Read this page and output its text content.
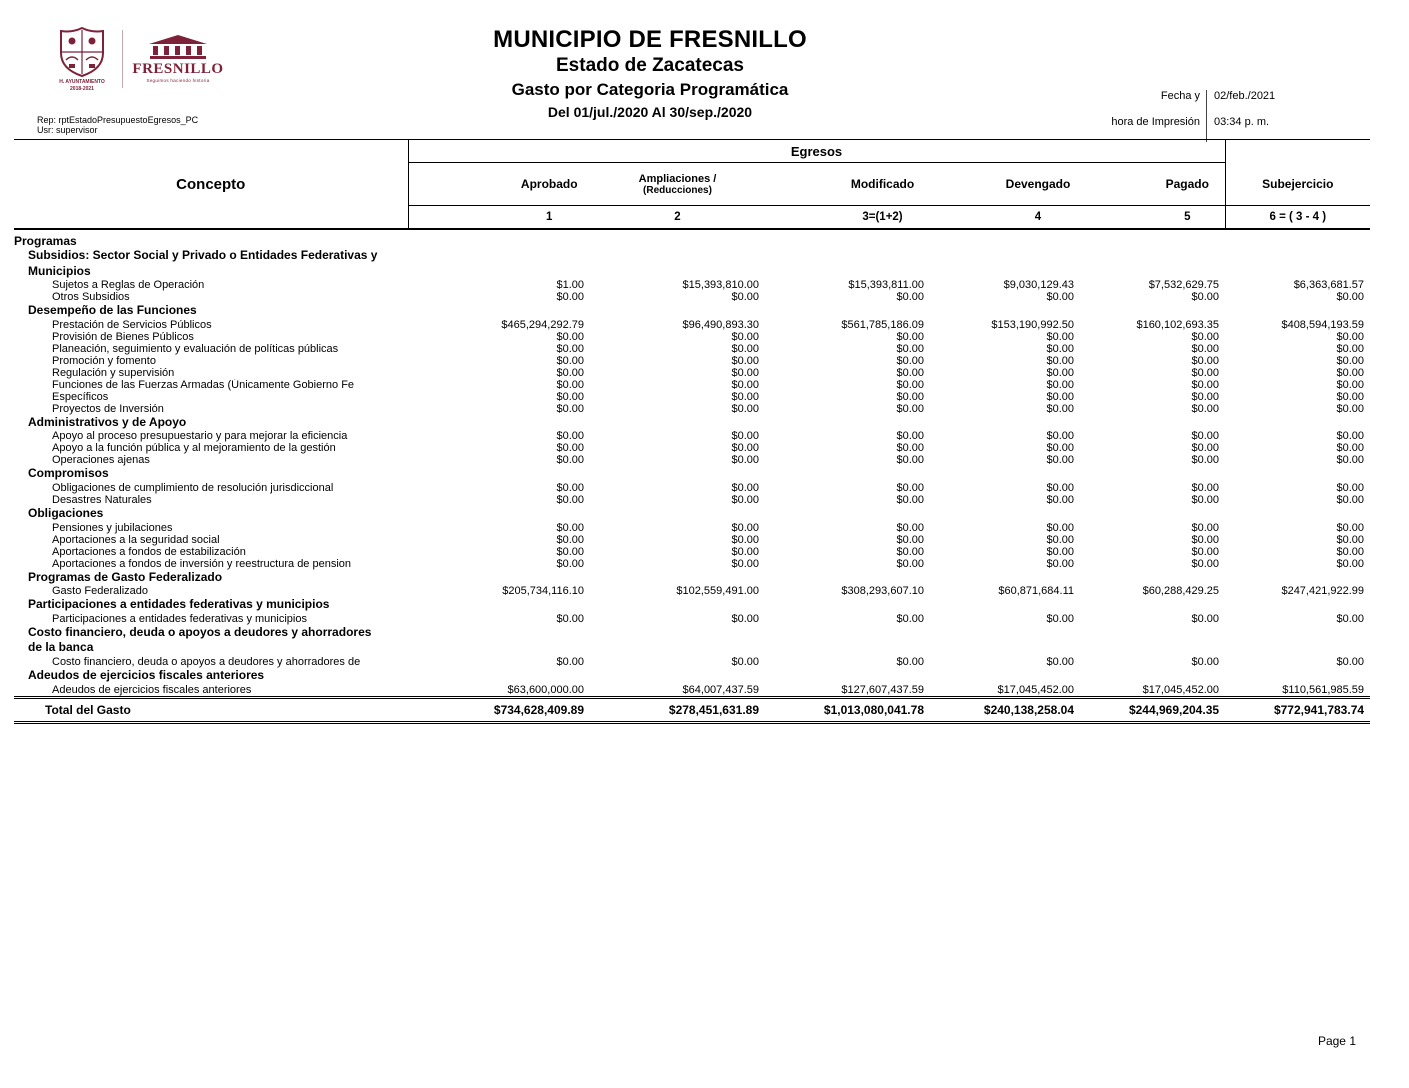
H. AYUNTAMIENTO
2018-2021
FRESNILLO
Seguimos haciendo historia
MUNICIPIO DE FRESNILLO
Estado de Zacatecas
Gasto por Categoria Programática
Del 01/jul./2020 Al 30/sep./2020
Fecha y
hora de Impresión
02/feb./2021
03:34 p. m.
Rep: rptEstadoPresupuestoEgresos_PC
Usr: supervisor
Concepto	Egresos					
	Aprobado	Ampliaciones /
(Reducciones)	Modificado	Devengado	Pagado	Subejercicio
	1	2	3=(1+2)	4	5	6 = ( 3 - 4 )

Programas						

Subsidios: Sector Social y Privado o Entidades Federativas y Municipios						

Sujetos a Reglas de Operación	$1.00	$15,393,810.00	$15,393,811.00	$9,030,129.43	$7,532,629.75	$6,363,681.57
Otros Subsidios	$0.00	$0.00	$0.00	$0.00	$0.00	$0.00

Desempeño de las Funciones						

Prestación de Servicios Públicos	$465,294,292.79	$96,490,893.30	$561,785,186.09	$153,190,992.50	$160,102,693.35	$408,594,193.59
Provisión de Bienes Públicos	$0.00	$0.00	$0.00	$0.00	$0.00	$0.00
Planeación, seguimiento y evaluación de políticas públicas	$0.00	$0.00	$0.00	$0.00	$0.00	$0.00
Promoción y fomento	$0.00	$0.00	$0.00	$0.00	$0.00	$0.00
Regulación y supervisión	$0.00	$0.00	$0.00	$0.00	$0.00	$0.00
Funciones de las Fuerzas Armadas (Únicamente Gobierno Fe	$0.00	$0.00	$0.00	$0.00	$0.00	$0.00
Específicos	$0.00	$0.00	$0.00	$0.00	$0.00	$0.00
Proyectos de Inversión	$0.00	$0.00	$0.00	$0.00	$0.00	$0.00

Administrativos y de Apoyo						

Apoyo al proceso presupuestario y para mejorar la eficiencia	$0.00	$0.00	$0.00	$0.00	$0.00	$0.00
Apoyo a la función pública y al mejoramiento de la gestión	$0.00	$0.00	$0.00	$0.00	$0.00	$0.00
Operaciones ajenas	$0.00	$0.00	$0.00	$0.00	$0.00	$0.00

Compromisos						

Obligaciones de cumplimiento de resolución jurisdiccional	$0.00	$0.00	$0.00	$0.00	$0.00	$0.00
Desastres Naturales	$0.00	$0.00	$0.00	$0.00	$0.00	$0.00

Obligaciones						

Pensiones y jubilaciones	$0.00	$0.00	$0.00	$0.00	$0.00	$0.00
Aportaciones a la seguridad social	$0.00	$0.00	$0.00	$0.00	$0.00	$0.00
Aportaciones a fondos de estabilización	$0.00	$0.00	$0.00	$0.00	$0.00	$0.00
Aportaciones a fondos de inversión y reestructura de pension	$0.00	$0.00	$0.00	$0.00	$0.00	$0.00

Programas de Gasto Federalizado						

Gasto Federalizado	$205,734,116.10	$102,559,491.00	$308,293,607.10	$60,871,684.11	$60,288,429.25	$247,421,922.99

Participaciones a entidades federativas y municipios						

Participaciones a entidades federativas y municipios	$0.00	$0.00	$0.00	$0.00	$0.00	$0.00

Costo financiero, deuda o apoyos a deudores y ahorradores de la banca						

Costo financiero, deuda o apoyos a deudores y ahorradores de	$0.00	$0.00	$0.00	$0.00	$0.00	$0.00

Adeudos de ejercicios fiscales anteriores						

Adeudos de ejercicios fiscales anteriores	$63,600,000.00	$64,007,437.59	$127,607,437.59	$17,045,452.00	$17,045,452.00	$110,561,985.59
Total del Gasto	$734,628,409.89	$278,451,631.89	$1,013,080,041.78	$240,138,258.04	$244,969,204.35	$772,941,783.74
Page 1
